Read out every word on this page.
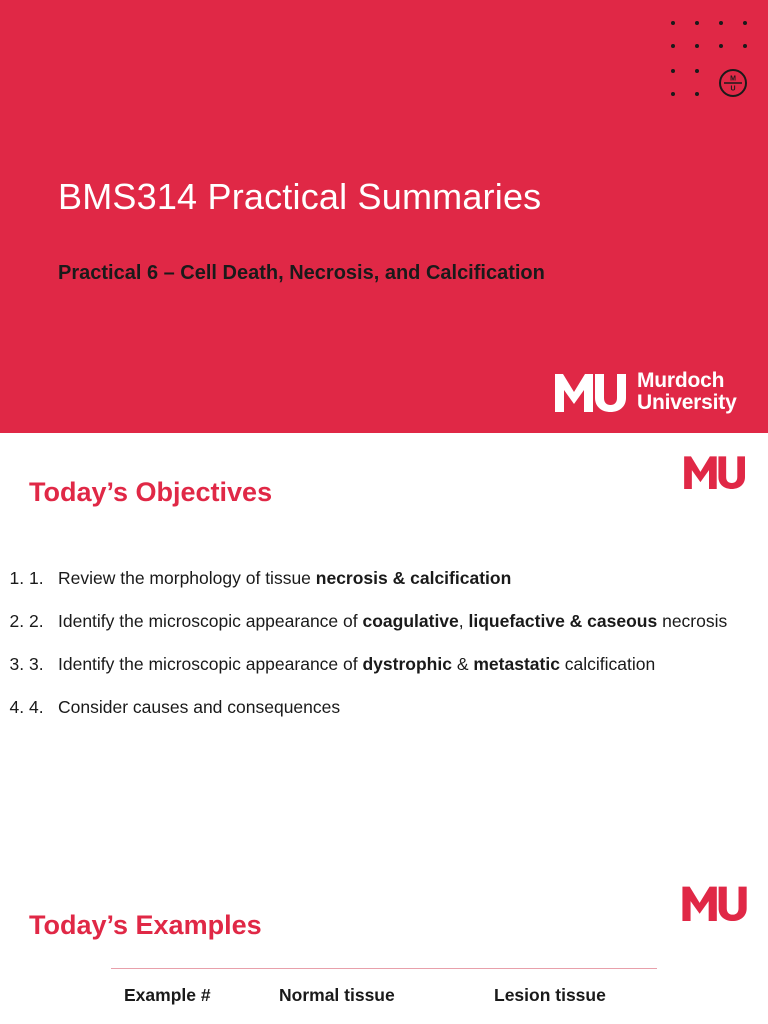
M
U
BMS314 Practical Summaries
Practical 6 – Cell Death, Necrosis, and Calcification
Murdoch
University
Today’s Objectives
1. 1. Review the morphology of tissue necrosis & calcification
2. 2. Identify the microscopic appearance of coagulative, liquefactive & caseous necrosis
3. 3. Identify the microscopic appearance of dystrophic & metastatic calcification
4. 4. Consider causes and consequences
Today’s Examples
Example #	Normal tissue	Lesion tissue
